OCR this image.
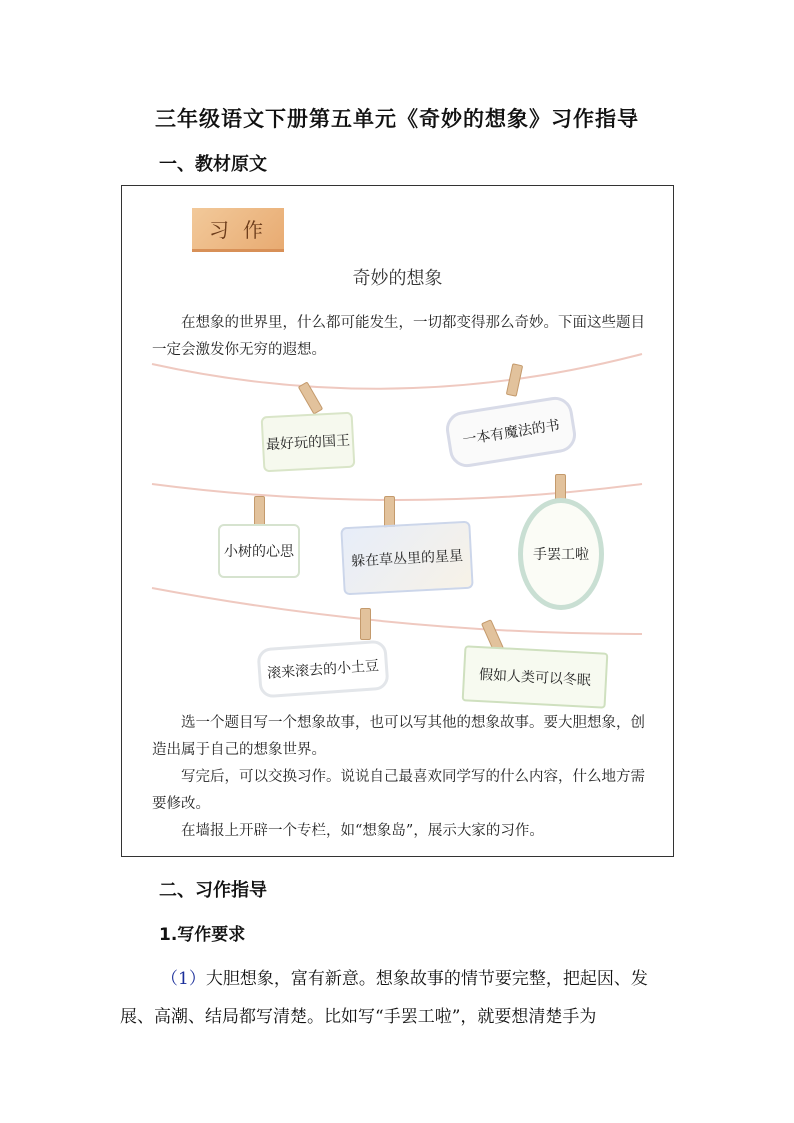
三年级语文下册第五单元《奇妙的想象》习作指导
一、教材原文
习作
奇妙的想象
在想象的世界里，什么都可能发生，一切都变得那么奇妙。下面这些题目一定会激发你无穷的遐想。
最好玩的国王	一本有魔法的书
小树的心思	躲在草丛里的星星	手罢工啦
滚来滚去的小土豆	假如人类可以冬眠

选一个题目写一个想象故事，也可以写其他的想象故事。要大胆想象，创造出属于自己的想象世界。

写完后，可以交换习作。说说自己最喜欢同学写的什么内容，什么地方需要修改。

在墙报上开辟一个专栏，如“想象岛”，展示大家的习作。

二、习作指导
1.写作要求
（1）大胆想象，富有新意。想象故事的情节要完整，把起因、发展、高潮、结局都写清楚。比如写“手罢工啦”，就要想清楚手为
